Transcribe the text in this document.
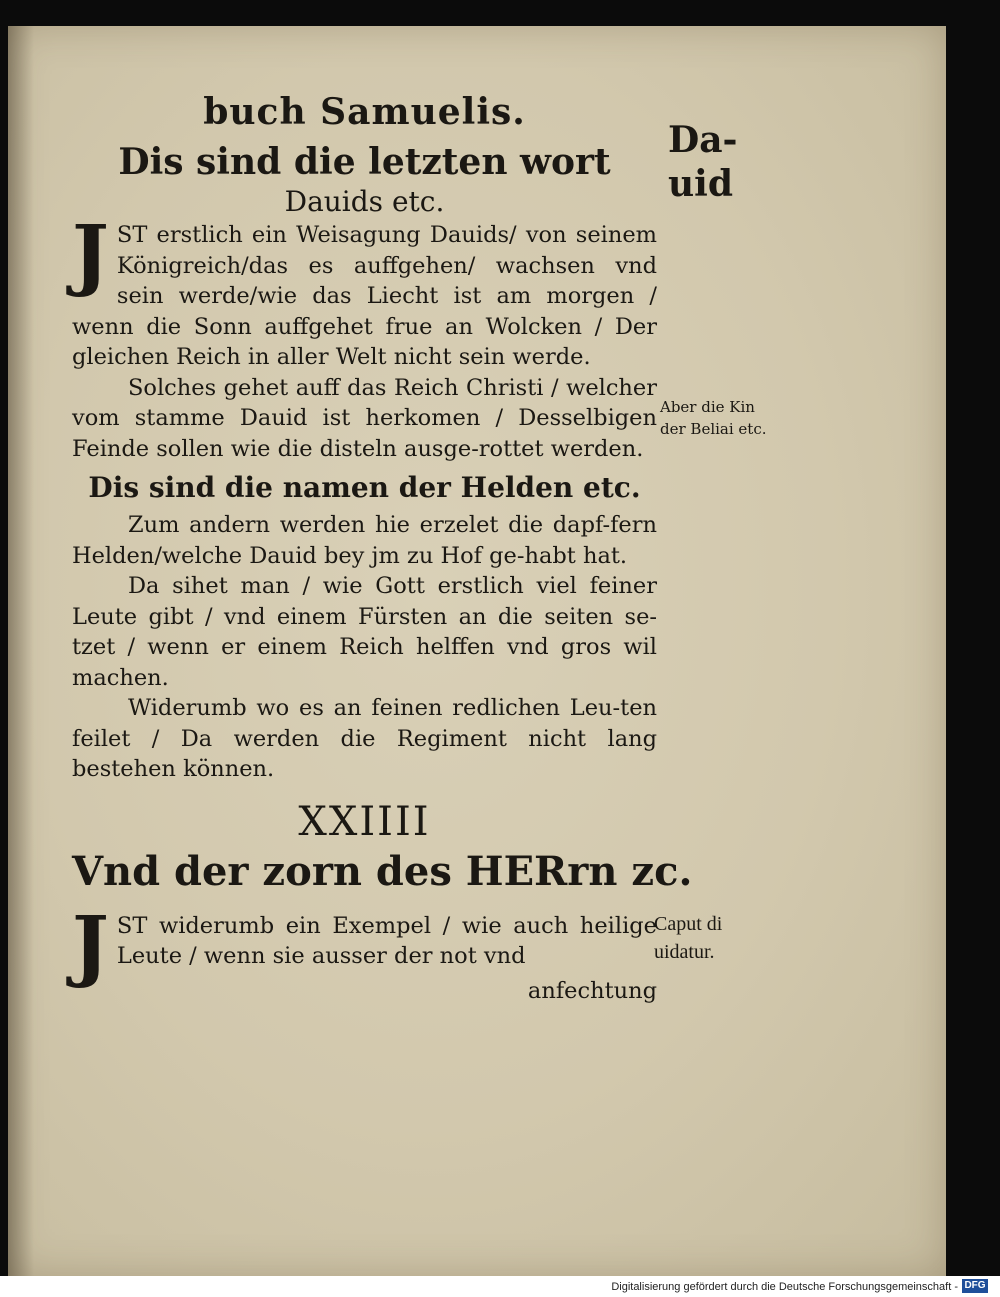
buch Samuelis.
Dis sind die letzten wort
Dauids etc.

J ST erstlich ein Weisagung Dauids/ von seinem Königreich/das es auffgehen/ wachsen vnd sein werde/wie das Liecht ist am morgen / wenn die Sonn auffgehet frue an Wolcken / Der gleichen Reich in aller Welt nicht sein werde.

Solches gehet auff das Reich Christi / welcher vom stamme Dauid ist herkomen / Desselbigen Feinde sollen wie die disteln ausge-rottet werden.

Dis sind die namen der Helden etc.

Zum andern werden hie erzelet die dapf-fern Helden/welche Dauid bey jm zu Hof ge-habt hat.

Da sihet man / wie Gott erstlich viel feiner Leute gibt / vnd einem Fürsten an die seiten se-tzet / wenn er einem Reich helffen vnd gros wil machen.

Widerumb wo es an feinen redlichen Leu-ten feilet / Da werden die Regiment nicht lang bestehen können.

XXIIII
Vnd der zorn des HERrn zc.

J ST widerumb ein Exempel / wie auch heilige Leute / wenn sie ausser der not vnd

anfechtung
Da-uid
Aber die Kin der Beliai etc.
Caput di uidatur.
Digitalisierung gefördert durch die Deutsche Forschungsgemeinschaft - DFG
